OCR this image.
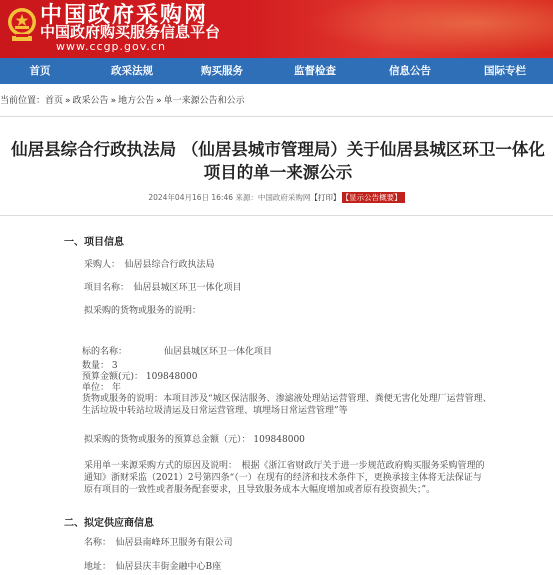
中国政府采购网
中国政府购买服务信息平台
www.ccgp.gov.cn
首页	政采法规	购买服务	监督检查	信息公告	国际专栏
当前位置：首页 » 政采公告 » 地方公告 » 单一来源公告和公示
仙居县综合行政执法局 （仙居县城市管理局）关于仙居县城区环卫一体化项目的单一来源公示
2024年04月16日 16:46 来源：中国政府采购网【打印】 【显示公告概要】
一、项目信息
采购人：　仙居县综合行政执法局
项目名称：　仙居县城区环卫一体化项目
拟采购的货物或服务的说明：
标的名称：	仙居县城区环卫一体化项目
数量： 3
预算金额(元)： 109848000
单位： 年
货物或服务的说明：本项目涉及“城区保洁服务、渗滤液处理站运营管理、粪便无害化处理厂运营管理、生活垃圾中转站垃圾清运及日常运营管理、填埋场日常运营管理”等
拟采购的货物或服务的预算总金额（元）： 109848000
采用单一来源采购方式的原因及说明：　根据《浙江省财政厅关于进一步规范政府购买服务采购管理的通知》浙财采监（2021）2号第四条“（一）在现有的经济和技术条件下，更换承接主体将无法保证与原有项目的一致性或者服务配套要求，且导致服务成本大幅度增加或者原有投资损失；”。
二、拟定供应商信息
名称：　仙居县南峰环卫服务有限公司
地址：　仙居县庆丰街金融中心B座
